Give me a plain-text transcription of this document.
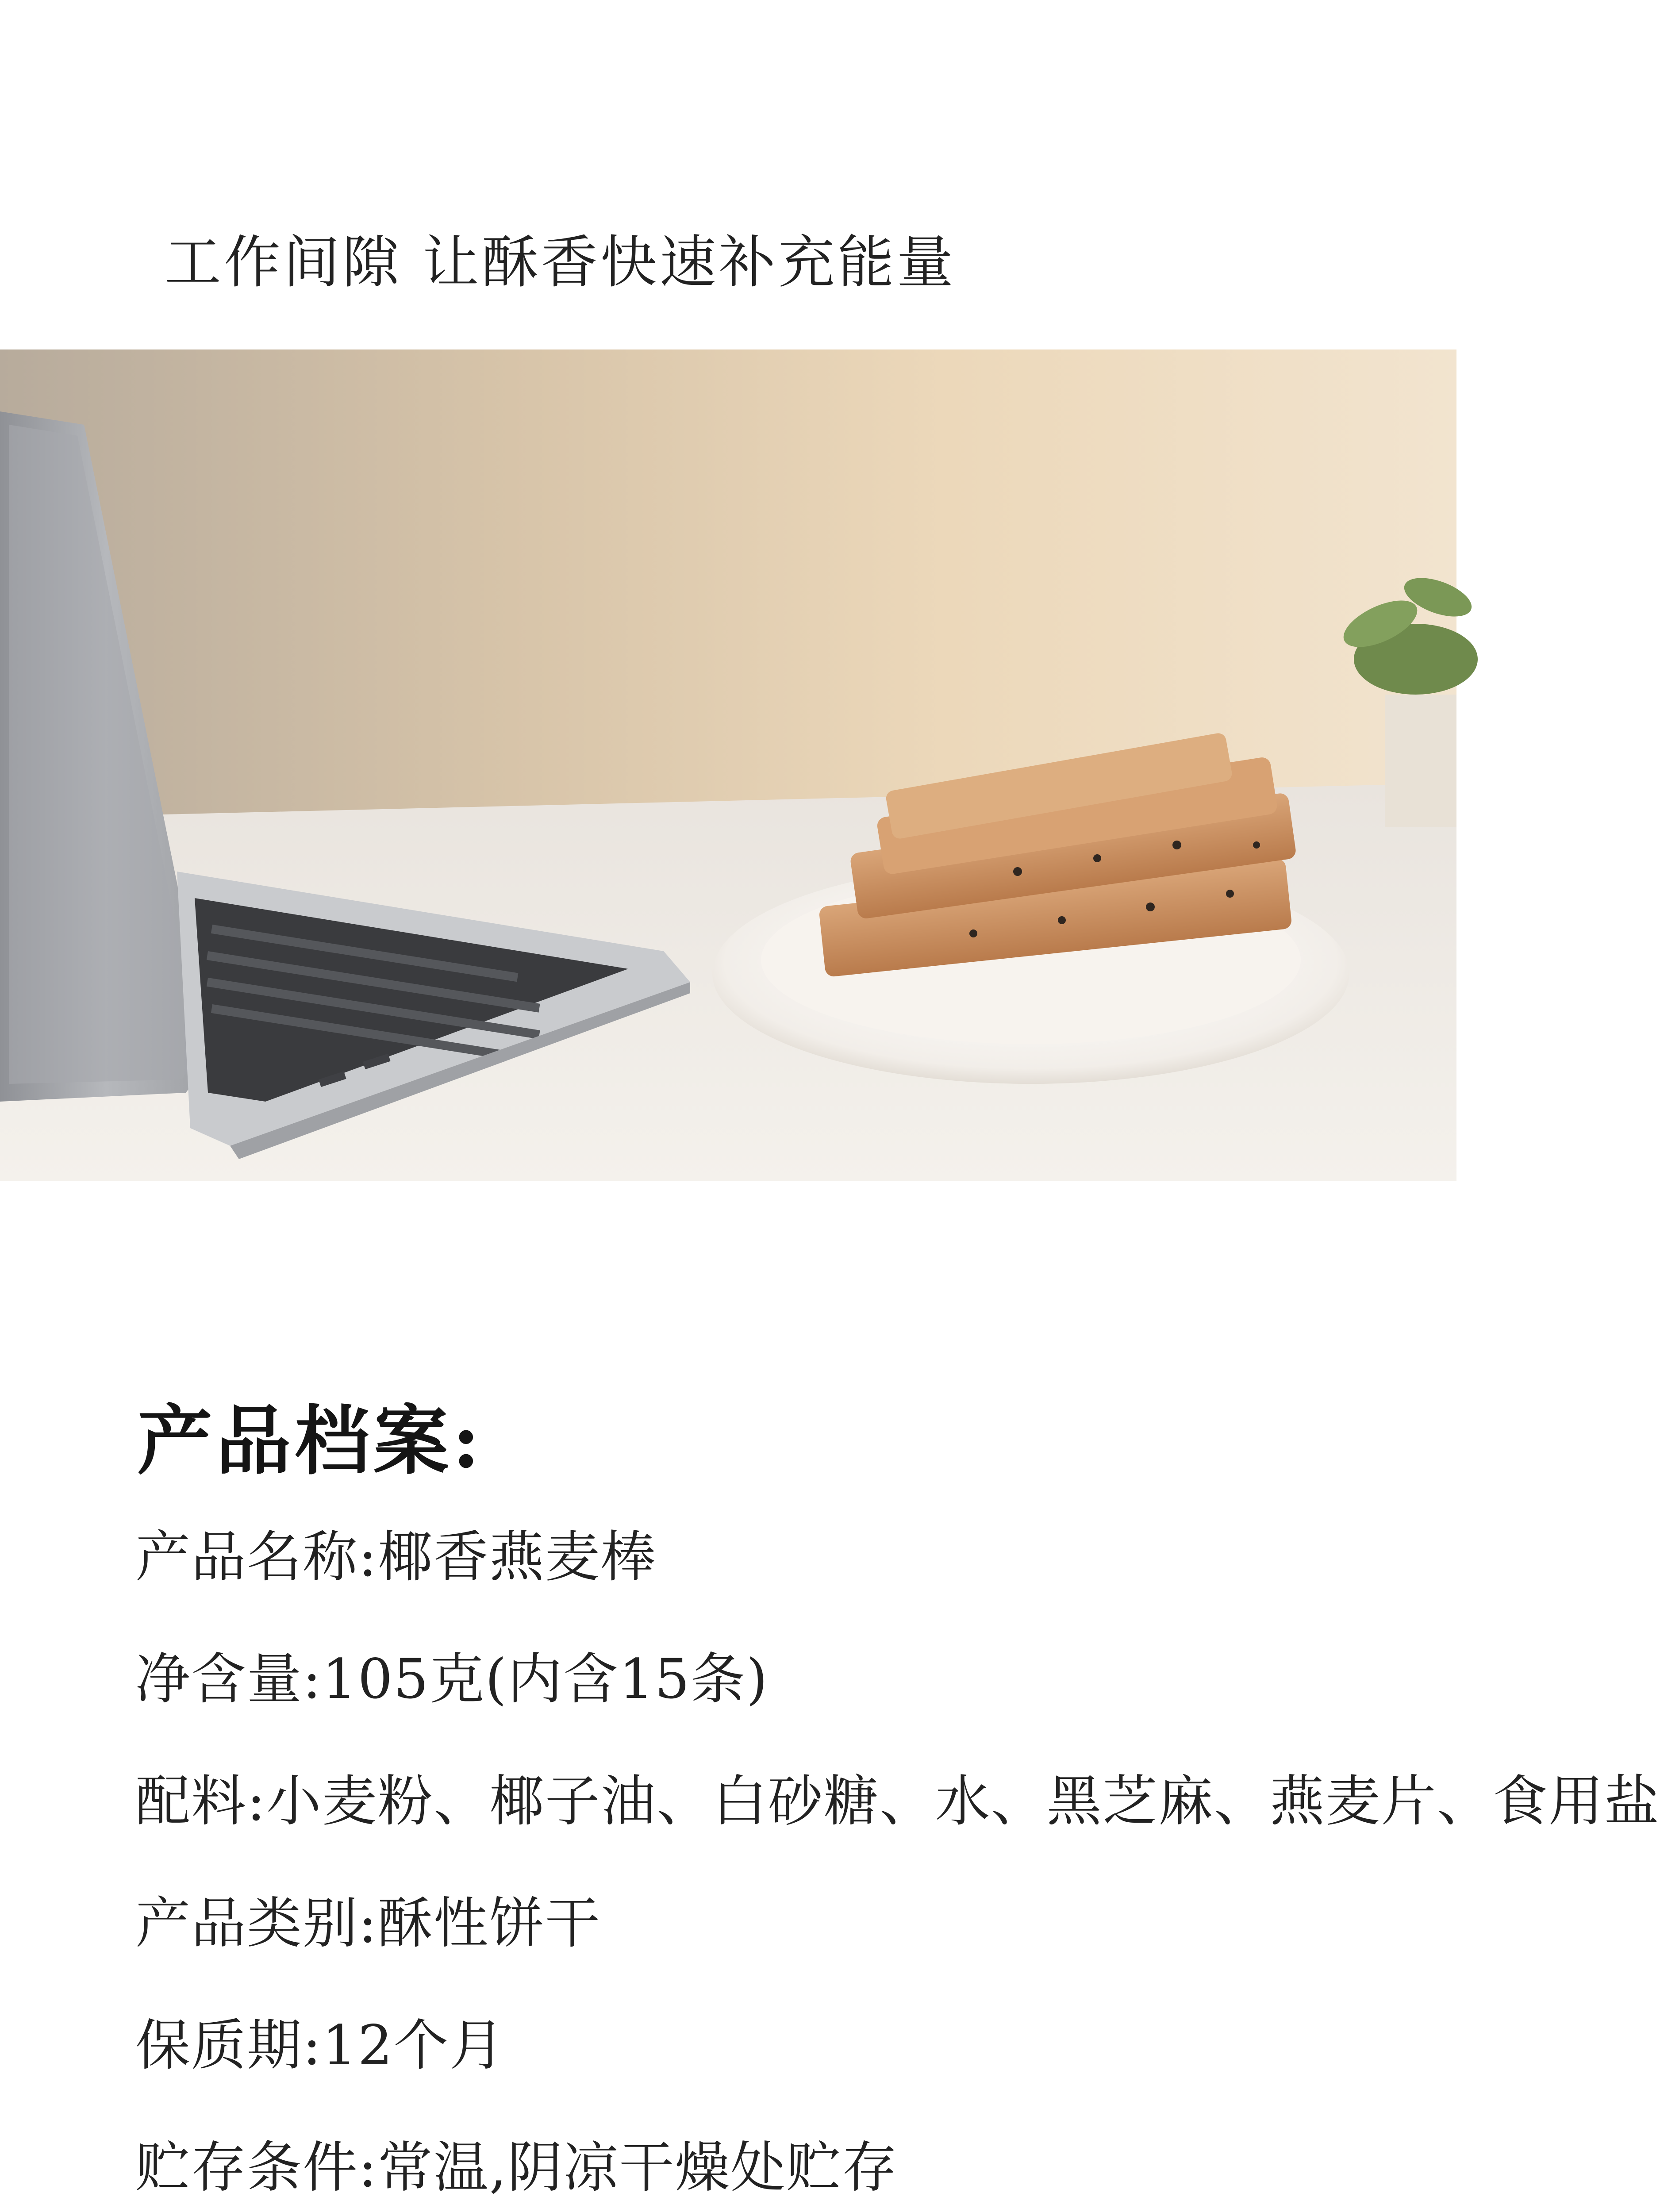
工作间隙 让酥香快速补充能量
产品档案:
产品名称:椰香燕麦棒
净含量:105克(内含15条)
配料:小麦粉、椰子油、白砂糖、水、黑芝麻、燕麦片、食用盐
产品类别:酥性饼干
保质期:12个月
贮存条件:常温,阴凉干燥处贮存
